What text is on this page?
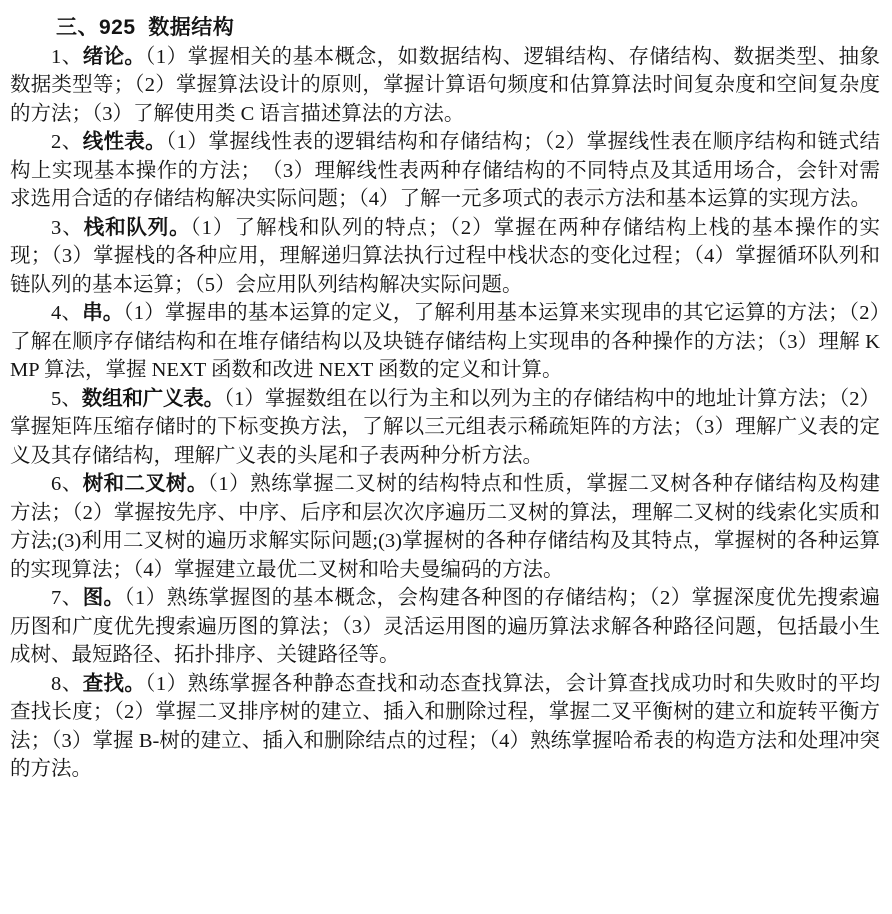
三、925  数据结构

1、绪论。（1）掌握相关的基本概念，如数据结构、逻辑结构、存储结构、数据类型、抽象数据类型等；（2）掌握算法设计的原则，掌握计算语句频度和估算算法时间复杂度和空间复杂度的方法；（3）了解使用类 C 语言描述算法的方法。

2、线性表。（1）掌握线性表的逻辑结构和存储结构；（2）掌握线性表在顺序结构和链式结构上实现基本操作的方法；　（3）理解线性表两种存储结构的不同特点及其适用场合，会针对需求选用合适的存储结构解决实际问题；（4）了解一元多项式的表示方法和基本运算的实现方法。

3、栈和队列。（1）了解栈和队列的特点；（2）掌握在两种存储结构上栈的基本操作的实现；（3）掌握栈的各种应用，理解递归算法执行过程中栈状态的变化过程；（4）掌握循环队列和链队列的基本运算；（5）会应用队列结构解决实际问题。

4、串。（1）掌握串的基本运算的定义，了解利用基本运算来实现串的其它运算的方法；（2）了解在顺序存储结构和在堆存储结构以及块链存储结构上实现串的各种操作的方法；（3）理解 KMP 算法，掌握 NEXT 函数和改进 NEXT 函数的定义和计算。

5、数组和广义表。（1）掌握数组在以行为主和以列为主的存储结构中的地址计算方法；（2）掌握矩阵压缩存储时的下标变换方法，了解以三元组表示稀疏矩阵的方法；（3）理解广义表的定义及其存储结构，理解广义表的头尾和子表两种分析方法。

6、树和二叉树。（1）熟练掌握二叉树的结构特点和性质，掌握二叉树各种存储结构及构建方法；（2）掌握按先序、中序、后序和层次次序遍历二叉树的算法，理解二叉树的线索化实质和方法;(3)利用二叉树的遍历求解实际问题;(3)掌握树的各种存储结构及其特点，掌握树的各种运算的实现算法；（4）掌握建立最优二叉树和哈夫曼编码的方法。

7、图。（1）熟练掌握图的基本概念，会构建各种图的存储结构；（2）掌握深度优先搜索遍历图和广度优先搜索遍历图的算法；（3）灵活运用图的遍历算法求解各种路径问题，包括最小生成树、最短路径、拓扑排序、关键路径等。

8、查找。（1）熟练掌握各种静态查找和动态查找算法，会计算查找成功时和失败时的平均查找长度；（2）掌握二叉排序树的建立、插入和删除过程，掌握二叉平衡树的建立和旋转平衡方法；（3）掌握 B-树的建立、插入和删除结点的过程；（4）熟练掌握哈希表的构造方法和处理冲突的方法。
